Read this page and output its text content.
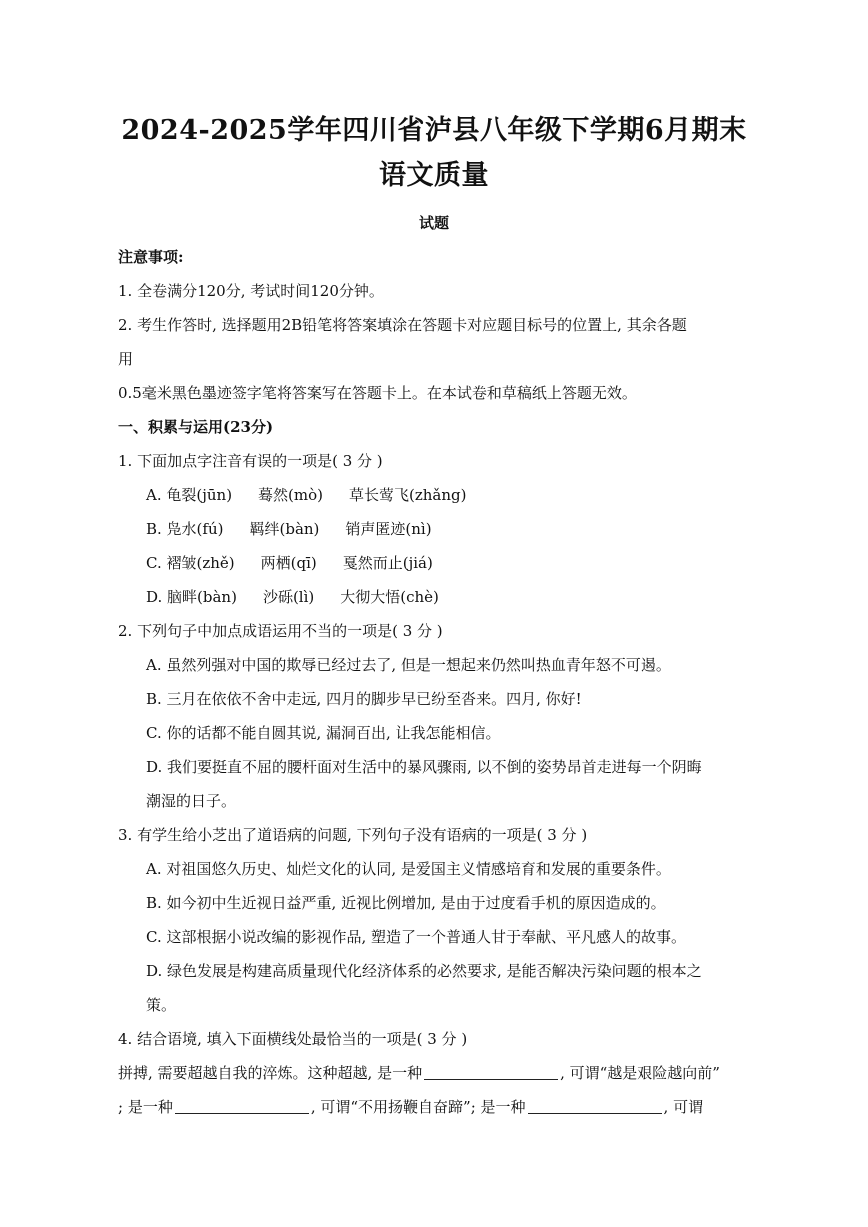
2024-2025学年四川省泸县八年级下学期6月期末语文质量
试题
注意事项:
1. 全卷满分120分, 考试时间120分钟。
2. 考生作答时, 选择题用2B铅笔将答案填涂在答题卡对应题目标号的位置上, 其余各题
用
0.5毫米黑色墨迹签字笔将答案写在答题卡上。在本试卷和草稿纸上答题无效。
一、积累与运用(23分)
1. 下面加点字注音有误的一项是( 3 分 )
A. 龟裂(jūn) 蓦然(mò) 草长莺飞(zhǎng)
B. 凫水(fú) 羁绊(bàn) 销声匿迹(nì)
C. 褶皱(zhě) 两栖(qī) 戛然而止(jiá)
D. 脑畔(bàn) 沙砾(lì) 大彻大悟(chè)
2. 下列句子中加点成语运用不当的一项是( 3 分 )
A. 虽然列强对中国的欺辱已经过去了, 但是一想起来仍然叫热血青年怒不可遏。
B. 三月在依依不舍中走远, 四月的脚步早已纷至沓来。四月, 你好!
C. 你的话都不能自圆其说, 漏洞百出, 让我怎能相信。
D. 我们要挺直不屈的腰杆面对生活中的暴风骤雨, 以不倒的姿势昂首走进每一个阴晦
潮湿的日子。
3. 有学生给小芝出了道语病的问题, 下列句子没有语病的一项是( 3 分 )
A. 对祖国悠久历史、灿烂文化的认同, 是爱国主义情感培育和发展的重要条件。
B. 如今初中生近视日益严重, 近视比例增加, 是由于过度看手机的原因造成的。
C. 这部根据小说改编的影视作品, 塑造了一个普通人甘于奉献、平凡感人的故事。
D. 绿色发展是构建高质量现代化经济体系的必然要求, 是能否解决污染问题的根本之
策。
4. 结合语境, 填入下面横线处最恰当的一项是( 3 分 )
拼搏, 需要超越自我的淬炼。这种超越, 是一种	, 可谓“越是艰险越向前”
; 是一种	, 可谓“不用扬鞭自奋蹄”; 是一种	, 可谓
